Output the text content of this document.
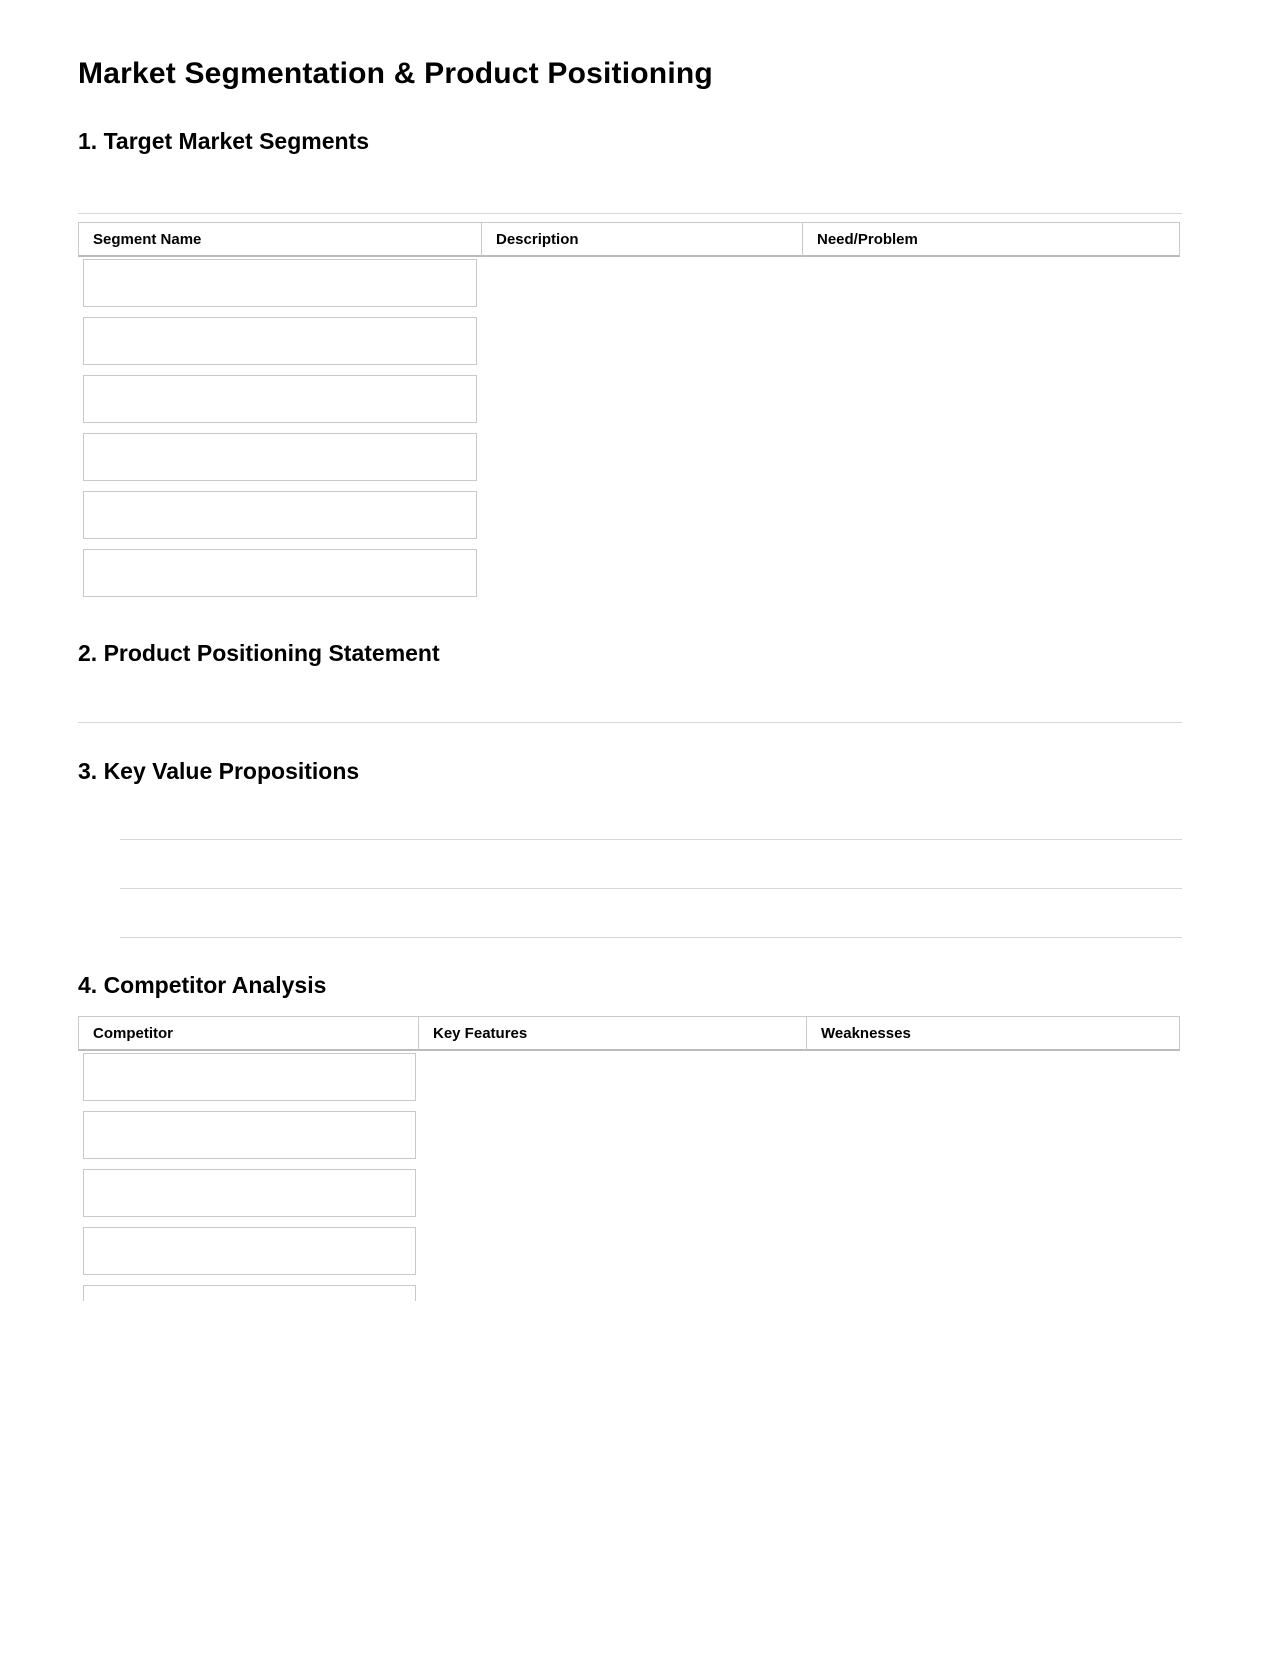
Market Segmentation & Product Positioning
1. Target Market Segments
Segment Name	Description	Need/Problem
2. Product Positioning Statement
3. Key Value Propositions
4. Competitor Analysis
Competitor	Key Features	Weaknesses
